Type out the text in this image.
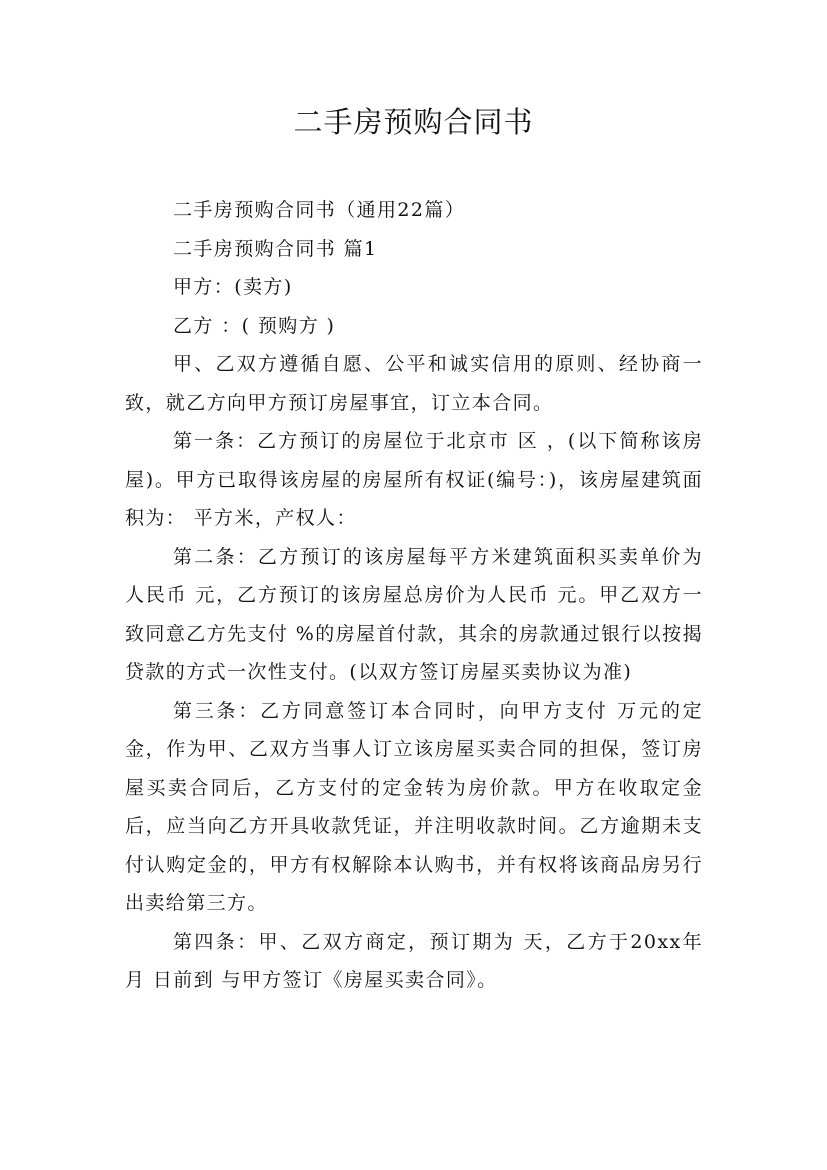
二手房预购合同书

二手房预购合同书（通用22篇）

二手房预购合同书 篇1

甲方：(卖方)

乙方 ：( 预购方 )

甲、乙双方遵循自愿、公平和诚实信用的原则、经协商一致，就乙方向甲方预订房屋事宜，订立本合同。

第一条：乙方预订的房屋位于北京市 区 ，(以下简称该房屋)。甲方已取得该房屋的房屋所有权证(编号：)，该房屋建筑面积为： 平方米，产权人：

第二条：乙方预订的该房屋每平方米建筑面积买卖单价为人民币 元，乙方预订的该房屋总房价为人民币 元。甲乙双方一致同意乙方先支付 %的房屋首付款，其余的房款通过银行以按揭贷款的方式一次性支付。(以双方签订房屋买卖协议为准)

第三条：乙方同意签订本合同时，向甲方支付 万元的定金，作为甲、乙双方当事人订立该房屋买卖合同的担保，签订房屋买卖合同后，乙方支付的定金转为房价款。甲方在收取定金后，应当向乙方开具收款凭证，并注明收款时间。乙方逾期未支付认购定金的，甲方有权解除本认购书，并有权将该商品房另行出卖给第三方。

第四条：甲、乙双方商定，预订期为 天，乙方于20xx年 月 日前到 与甲方签订《房屋买卖合同》。
